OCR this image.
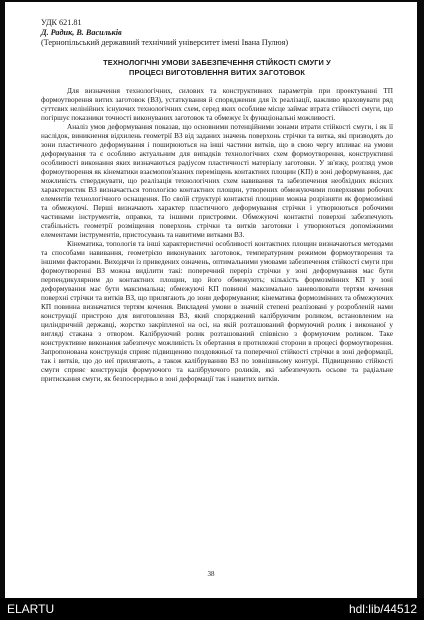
УДК 621.81
Д. Радик, В. Васильків
(Тернопільський державний технічний університет імені Івана Пулюя)
ТЕХНОЛОГІЧНІ УМОВИ ЗАБЕЗПЕЧЕННЯ СТІЙКОСТІ СМУГИ У
ПРОЦЕСІ ВИГОТОВЛЕННЯ ВИТИХ ЗАГОТОВОК

Для визначення технологічних, силових та конструктивних параметрів при проектуванні ТП формоутворення витих заготовок (ВЗ), устаткування й спорядження для їх реалізації, важливо враховувати ряд суттєвих нелінійних існуючих технологічних схем, серед яких особливе місце займає втрата стійкості смуги, що погіршує показники точності виконуваних заготовок та обмежує їх функціональні можливості.

Аналіз умов деформування показав, що основними потенційними зонами втрати стійкості смуги, і як її наслідок, виникнення відхилень геометрії ВЗ від заданих значень поверхонь стрічки та витка, які призводять до зони пластичного деформування і поширюються на інші частини витків, що в свою чергу впливає на умови деформування та є особливо актуальним для випадків технологічних схем формоутворення, конструктивні особливості виконання яких визначаються радіусом пластичності матеріалу заготовки. У зв'язку, розгляд умов формоутворення як кінематики взаємопов'язаних переміщень контактних площин (КП) в зоні деформування, дає можливість стверджувати, що реалізація технологічних схем навивання та забезпечення необхідних якісних характеристик ВЗ визначається топологією контактних площин, утворених обмежуючими поверхнями робочих елементів технологічного оснащення. По своїй структурі контактні площини можна розрізняти як формозмінні та обмежуючі. Перші визначають характер пластичного деформування стрічки і утворюються робочими частинами інструментів, оправки, та іншими пристроями. Обмежуючі контактні поверхні забезпечують стабільність геометрії розміщення поверхонь стрічки та витків заготовки і утворюються допоміжними елементами інструментів, пристосувань та навитими витками ВЗ.

Кінематика, топологія та інші характеристичні особливості контактних площин визначаються методами та способами навивання, геометрією виконуваних заготовок, температурним режимом формоутворення та іншими факторами. Виходячи із приведених означень, оптимальними умовами забезпечення стійкості смуги при формоутворенні ВЗ можна виділити такі: поперечний переріз стрічки у зоні деформування має бути перпендикулярним до контактних площин, що його обмежують; кількість формозмінних КП у зоні деформування має бути максимальна; обмежуючі КП повинні максимально заневолювати тертям кочення поверхні стрічки та витків ВЗ, що прилягають до зони деформування; кінематика формозмінних та обмежуючих КП повинна визначатися тертям кочення. Викладені умови в значній степені реалізовані у розробленій нами конструкції пристрою для виготовлення ВЗ, який споряджений калібруючим роликом, встановленим на циліндричній державці, жорстко закріпленої на осі, на якій розташований формуючий ролик і виконаної у вигляді стакана з отвором. Калібруючий ролик розташований співвісно з формуючим роликом. Таке конструктивне виконання забезпечує можливість їх обертання в протилежні сторони в процесі формоутворення. Запропонована конструкція сприяє підвищенню поздовжньої та поперечної стійкості стрічки в зоні деформації, так і витків, що до неї прилягають, а також калібруванню ВЗ по зовнішньому контурі. Підвищенню стійкості смуги сприяє конструкція формуючого та калібруючого роликів, які забезпечують осьове та радіальне притискання смуги, як безпосередньо в зоні деформації так і навитих витків.

38
ELARTU	hdl:lib/44512
